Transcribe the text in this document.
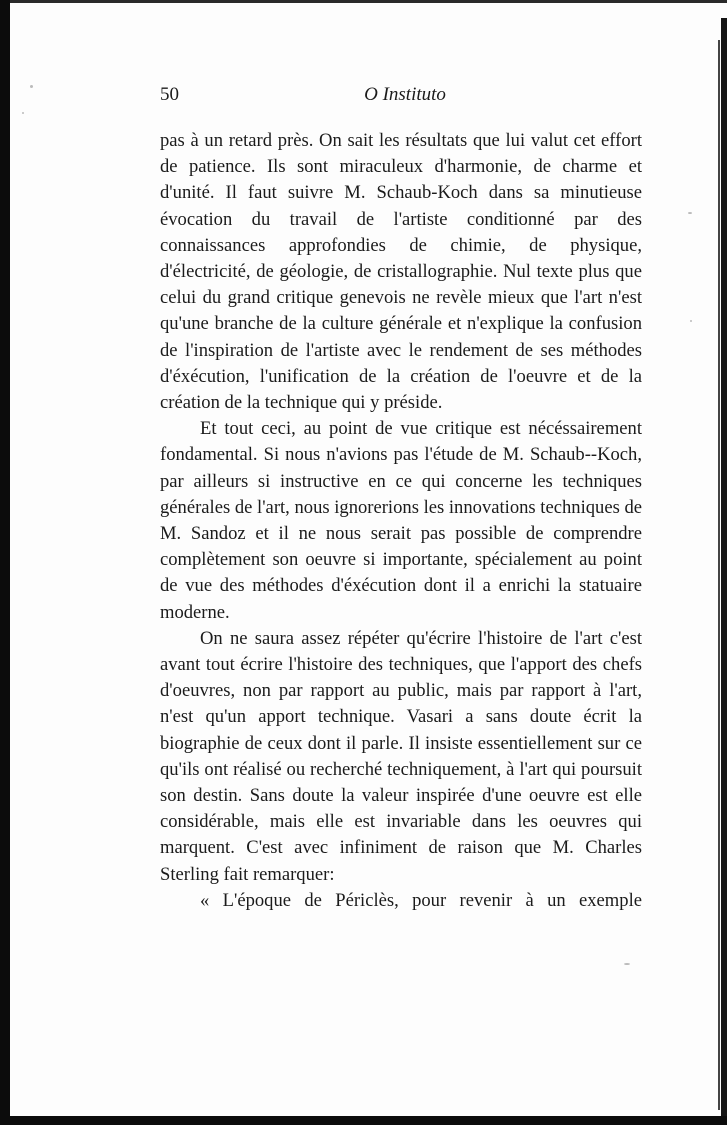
50	O Instituto

pas à un retard près. On sait les résultats que lui valut cet effort de patience. Ils sont miraculeux d'harmonie, de charme et d'unité. Il faut suivre M. Schaub-Koch dans sa minutieuse évocation du travail de l'artiste conditionné par des connaissances approfondies de chimie, de physique, d'électricité, de géologie, de cristallographie. Nul texte plus que celui du grand critique genevois ne revèle mieux que l'art n'est qu'une branche de la culture générale et n'explique la confusion de l'inspiration de l'artiste avec le rendement de ses méthodes d'éxécution, l'unification de la création de l'oeuvre et de la création de la technique qui y préside.

Et tout ceci, au point de vue critique est nécéssairement fondamental. Si nous n'avions pas l'étude de M. Schaub--Koch, par ailleurs si instructive en ce qui concerne les techniques générales de l'art, nous ignorerions les innovations techniques de M. Sandoz et il ne nous serait pas possible de comprendre complètement son oeuvre si importante, spécialement au point de vue des méthodes d'éxécution dont il a enrichi la statuaire moderne.

On ne saura assez répéter qu'écrire l'histoire de l'art c'est avant tout écrire l'histoire des techniques, que l'apport des chefs d'oeuvres, non par rapport au public, mais par rapport à l'art, n'est qu'un apport technique. Vasari a sans doute écrit la biographie de ceux dont il parle. Il insiste essentiellement sur ce qu'ils ont réalisé ou recherché techniquement, à l'art qui poursuit son destin. Sans doute la valeur inspirée d'une oeuvre est elle considérable, mais elle est invariable dans les oeuvres qui marquent. C'est avec infiniment de raison que M. Charles Sterling fait remarquer:

« L'époque de Périclès, pour revenir à un exemple
